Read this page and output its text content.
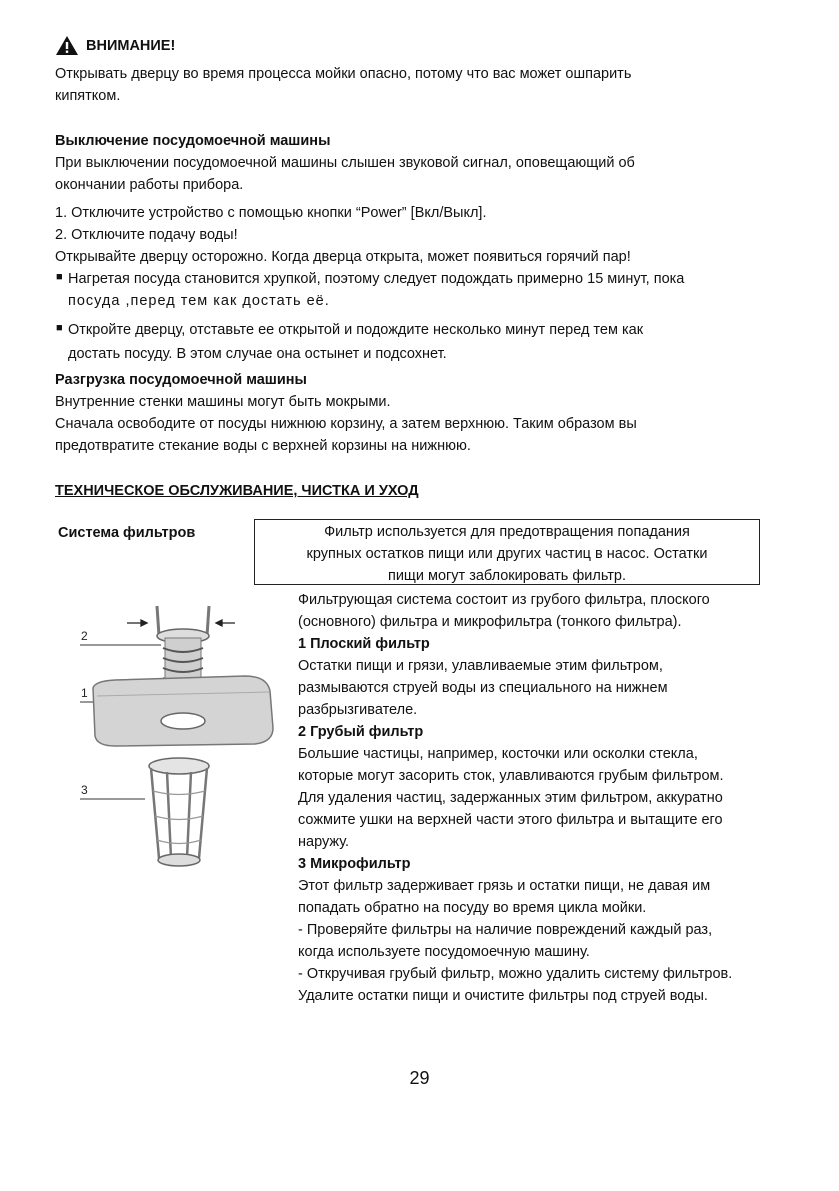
ВНИМАНИЕ!
Открывать дверцу во время процесса мойки опасно, потому что вас может ошпарить
кипятком.
Выключение посудомоечной машины
При выключении посудомоечной машины слышен звуковой сигнал, оповещающий об
окончании работы прибора.
1. Отключите устройство с помощью кнопки “Power” [Вкл/Выкл].
2. Отключите подачу воды!
Открывайте дверцу осторожно. Когда дверца открыта, может появиться горячий пар!
■ Нагретая посуда становится хрупкой, поэтому следует подождать примерно 15 минут, пока
посуда ,перед тем как достать её.
■ Откройте дверцу, отставьте ее открытой и подождите несколько минут перед тем как
достать посуду. В этом случае она остынет и подсохнет.
Разгрузка посудомоечной машины
Внутренние стенки машины могут быть мокрыми.
Сначала освободите от посуды нижнюю корзину, а затем верхнюю. Таким образом вы
предотвратите стекание воды с верхней корзины на нижнюю.
ТЕХНИЧЕСКОЕ ОБСЛУЖИВАНИЕ, ЧИСТКА И УХОД
Система фильтров	Фильтр используется для предотвращения попадания
крупных остатков пищи или других частиц в насос. Остатки
пищи могут заблокировать фильтр.
2
1
3
Фильтрующая система состоит из грубого фильтра, плоского
(основного) фильтра и микрофильтра (тонкого фильтра).
1 Плоский фильтр
Остатки пищи и грязи, улавливаемые этим фильтром,
размываются струей воды из специального на нижнем
разбрызгивателе.
2 Грубый фильтр
Большие частицы, например, косточки или осколки стекла,
которые могут засорить сток, улавливаются грубым фильтром.
Для удаления частиц, задержанных этим фильтром, аккуратно
сожмите ушки на верхней части этого фильтра и вытащите его
наружу.
3 Микрофильтр
Этот фильтр задерживает грязь и остатки пищи, не давая им
попадать обратно на посуду во время цикла мойки.
- Проверяйте фильтры на наличие повреждений каждый раз,
когда используете посудомоечную машину.
- Откручивая грубый фильтр, можно удалить систему фильтров.
Удалите остатки пищи и очистите фильтры под струей воды.
29
